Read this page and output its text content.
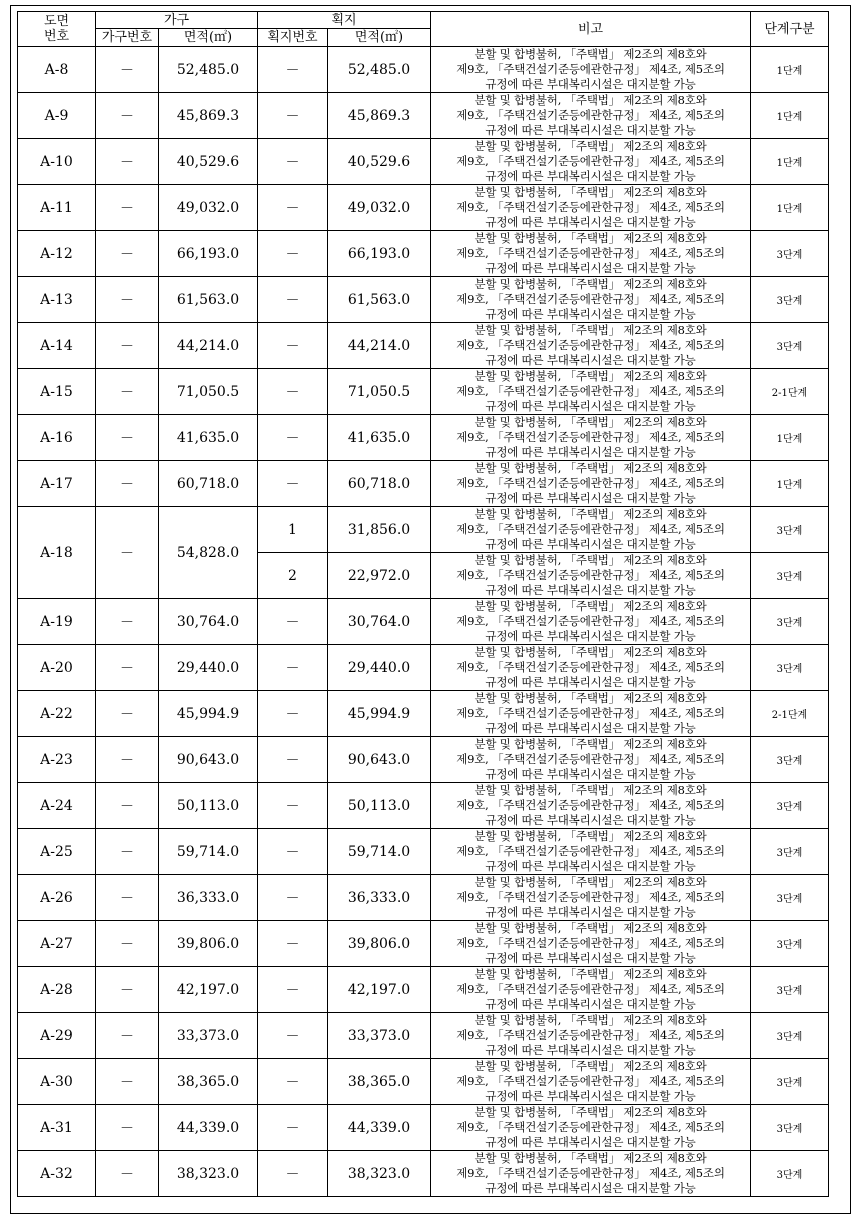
도면
번호	가구		획지		비고	단계구분
	가구번호	면적(㎡)	획지번호	면적(㎡)		
A-8	－	52,485.0	－	52,485.0	분할 및 합병불허, 「주택법」 제2조의 제8호와
제9호, 「주택건설기준등에관한규정」 제4조, 제5조의
규정에 따른 부대복리시설은 대지분할 가능	1단계
A-9	－	45,869.3	－	45,869.3	분할 및 합병불허, 「주택법」 제2조의 제8호와
제9호, 「주택건설기준등에관한규정」 제4조, 제5조의
규정에 따른 부대복리시설은 대지분할 가능	1단계
A-10	－	40,529.6	－	40,529.6	분할 및 합병불허, 「주택법」 제2조의 제8호와
제9호, 「주택건설기준등에관한규정」 제4조, 제5조의
규정에 따른 부대복리시설은 대지분할 가능	1단계
A-11	－	49,032.0	－	49,032.0	분할 및 합병불허, 「주택법」 제2조의 제8호와
제9호, 「주택건설기준등에관한규정」 제4조, 제5조의
규정에 따른 부대복리시설은 대지분할 가능	1단계
A-12	－	66,193.0	－	66,193.0	분할 및 합병불허, 「주택법」 제2조의 제8호와
제9호, 「주택건설기준등에관한규정」 제4조, 제5조의
규정에 따른 부대복리시설은 대지분할 가능	3단계
A-13	－	61,563.0	－	61,563.0	분할 및 합병불허, 「주택법」 제2조의 제8호와
제9호, 「주택건설기준등에관한규정」 제4조, 제5조의
규정에 따른 부대복리시설은 대지분할 가능	3단계
A-14	－	44,214.0	－	44,214.0	분할 및 합병불허, 「주택법」 제2조의 제8호와
제9호, 「주택건설기준등에관한규정」 제4조, 제5조의
규정에 따른 부대복리시설은 대지분할 가능	3단계
A-15	－	71,050.5	－	71,050.5	분할 및 합병불허, 「주택법」 제2조의 제8호와
제9호, 「주택건설기준등에관한규정」 제4조, 제5조의
규정에 따른 부대복리시설은 대지분할 가능	2-1단계
A-16	－	41,635.0	－	41,635.0	분할 및 합병불허, 「주택법」 제2조의 제8호와
제9호, 「주택건설기준등에관한규정」 제4조, 제5조의
규정에 따른 부대복리시설은 대지분할 가능	1단계
A-17	－	60,718.0	－	60,718.0	분할 및 합병불허, 「주택법」 제2조의 제8호와
제9호, 「주택건설기준등에관한규정」 제4조, 제5조의
규정에 따른 부대복리시설은 대지분할 가능	1단계
A-18	－	54,828.0	1	31,856.0	분할 및 합병불허, 「주택법」 제2조의 제8호와
제9호, 「주택건설기준등에관한규정」 제4조, 제5조의
규정에 따른 부대복리시설은 대지분할 가능	3단계
			2	22,972.0	분할 및 합병불허, 「주택법」 제2조의 제8호와
제9호, 「주택건설기준등에관한규정」 제4조, 제5조의
규정에 따른 부대복리시설은 대지분할 가능	3단계
A-19	－	30,764.0	－	30,764.0	분할 및 합병불허, 「주택법」 제2조의 제8호와
제9호, 「주택건설기준등에관한규정」 제4조, 제5조의
규정에 따른 부대복리시설은 대지분할 가능	3단계
A-20	－	29,440.0	－	29,440.0	분할 및 합병불허, 「주택법」 제2조의 제8호와
제9호, 「주택건설기준등에관한규정」 제4조, 제5조의
규정에 따른 부대복리시설은 대지분할 가능	3단계
A-22	－	45,994.9	－	45,994.9	분할 및 합병불허, 「주택법」 제2조의 제8호와
제9호, 「주택건설기준등에관한규정」 제4조, 제5조의
규정에 따른 부대복리시설은 대지분할 가능	2-1단계
A-23	－	90,643.0	－	90,643.0	분할 및 합병불허, 「주택법」 제2조의 제8호와
제9호, 「주택건설기준등에관한규정」 제4조, 제5조의
규정에 따른 부대복리시설은 대지분할 가능	3단계
A-24	－	50,113.0	－	50,113.0	분할 및 합병불허, 「주택법」 제2조의 제8호와
제9호, 「주택건설기준등에관한규정」 제4조, 제5조의
규정에 따른 부대복리시설은 대지분할 가능	3단계
A-25	－	59,714.0	－	59,714.0	분할 및 합병불허, 「주택법」 제2조의 제8호와
제9호, 「주택건설기준등에관한규정」 제4조, 제5조의
규정에 따른 부대복리시설은 대지분할 가능	3단계
A-26	－	36,333.0	－	36,333.0	분할 및 합병불허, 「주택법」 제2조의 제8호와
제9호, 「주택건설기준등에관한규정」 제4조, 제5조의
규정에 따른 부대복리시설은 대지분할 가능	3단계
A-27	－	39,806.0	－	39,806.0	분할 및 합병불허, 「주택법」 제2조의 제8호와
제9호, 「주택건설기준등에관한규정」 제4조, 제5조의
규정에 따른 부대복리시설은 대지분할 가능	3단계
A-28	－	42,197.0	－	42,197.0	분할 및 합병불허, 「주택법」 제2조의 제8호와
제9호, 「주택건설기준등에관한규정」 제4조, 제5조의
규정에 따른 부대복리시설은 대지분할 가능	3단계
A-29	－	33,373.0	－	33,373.0	분할 및 합병불허, 「주택법」 제2조의 제8호와
제9호, 「주택건설기준등에관한규정」 제4조, 제5조의
규정에 따른 부대복리시설은 대지분할 가능	3단계
A-30	－	38,365.0	－	38,365.0	분할 및 합병불허, 「주택법」 제2조의 제8호와
제9호, 「주택건설기준등에관한규정」 제4조, 제5조의
규정에 따른 부대복리시설은 대지분할 가능	3단계
A-31	－	44,339.0	－	44,339.0	분할 및 합병불허, 「주택법」 제2조의 제8호와
제9호, 「주택건설기준등에관한규정」 제4조, 제5조의
규정에 따른 부대복리시설은 대지분할 가능	3단계
A-32	－	38,323.0	－	38,323.0	분할 및 합병불허, 「주택법」 제2조의 제8호와
제9호, 「주택건설기준등에관한규정」 제4조, 제5조의
규정에 따른 부대복리시설은 대지분할 가능	3단계
